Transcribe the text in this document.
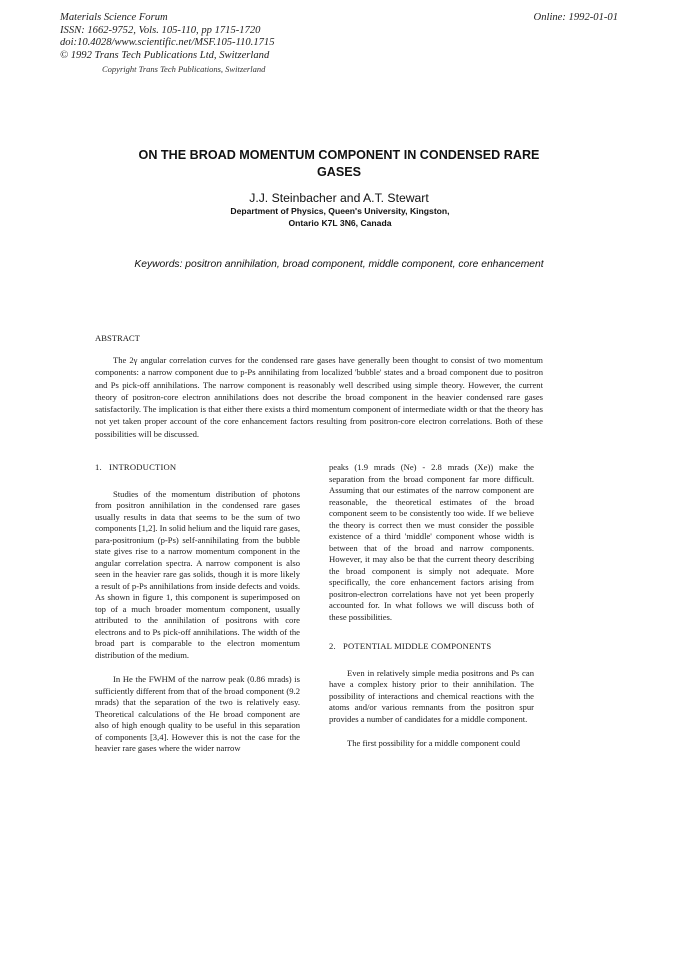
Materials Science Forum
ISSN: 1662-9752, Vols. 105-110, pp 1715-1720
doi:10.4028/www.scientific.net/MSF.105-110.1715
© 1992 Trans Tech Publications Ltd, Switzerland
Online: 1992-01-01
Copyright Trans Tech Publications, Switzerland
ON THE BROAD MOMENTUM COMPONENT IN CONDENSED RARE
GASES
J.J. Steinbacher and A.T. Stewart
Department of Physics, Queen's University, Kingston,
Ontario K7L 3N6, Canada
Keywords: positron annihilation, broad component, middle component, core enhancement
ABSTRACT

The 2γ angular correlation curves for the condensed rare gases have generally been thought to consist of two momentum components: a narrow component due to p-Ps annihilating from localized 'bubble' states and a broad component due to positron and Ps pick-off annihilations. The narrow component is reasonably well described using simple theory. However, the current theory of positron-core electron annihilations does not describe the broad component in the heavier condensed rare gases satisfactorily. The implication is that either there exists a third momentum component of intermediate width or that the theory has not yet taken proper account of the core enhancement factors resulting from positron-core electron correlations. Both of these possibilities will be discussed.

1. INTRODUCTION

Studies of the momentum distribution of photons from positron annihilation in the condensed rare gases usually results in data that seems to be the sum of two components [1,2]. In solid helium and the liquid rare gases, para-positronium (p-Ps) self-annihilating from the bubble state gives rise to a narrow momentum component in the angular correlation spectra. A narrow component is also seen in the heavier rare gas solids, though it is more likely a result of p-Ps annihilations from inside defects and voids. As shown in figure 1, this component is superimposed on top of a much broader momentum component, usually attributed to the annihilation of positrons with core electrons and to Ps pick-off annihilations. The width of the broad part is comparable to the electron momentum distribution of the medium.

In He the FWHM of the narrow peak (0.86 mrads) is sufficiently different from that of the broad component (9.2 mrads) that the separation of the two is relatively easy. Theoretical calculations of the He broad component are also of high enough quality to be useful in this separation of components [3,4]. However this is not the case for the heavier rare gases where the wider narrow

peaks (1.9 mrads (Ne) - 2.8 mrads (Xe)) make the separation from the broad component far more difficult. Assuming that our estimates of the narrow component are reasonable, the theoretical estimates of the broad component seem to be consistently too wide. If we believe the theory is correct then we must consider the possible existence of a third 'middle' component whose width is between that of the broad and narrow components. However, it may also be that the current theory describing the broad component is simply not adequate. More specifically, the core enhancement factors arising from positron-electron correlations have not yet been properly accounted for. In what follows we will discuss both of these possibilities.

2. POTENTIAL MIDDLE COMPONENTS

Even in relatively simple media positrons and Ps can have a complex history prior to their annihilation. The possibility of interactions and chemical reactions with the atoms and/or various remnants from the positron spur provides a number of candidates for a middle component.

The first possibility for a middle component could
